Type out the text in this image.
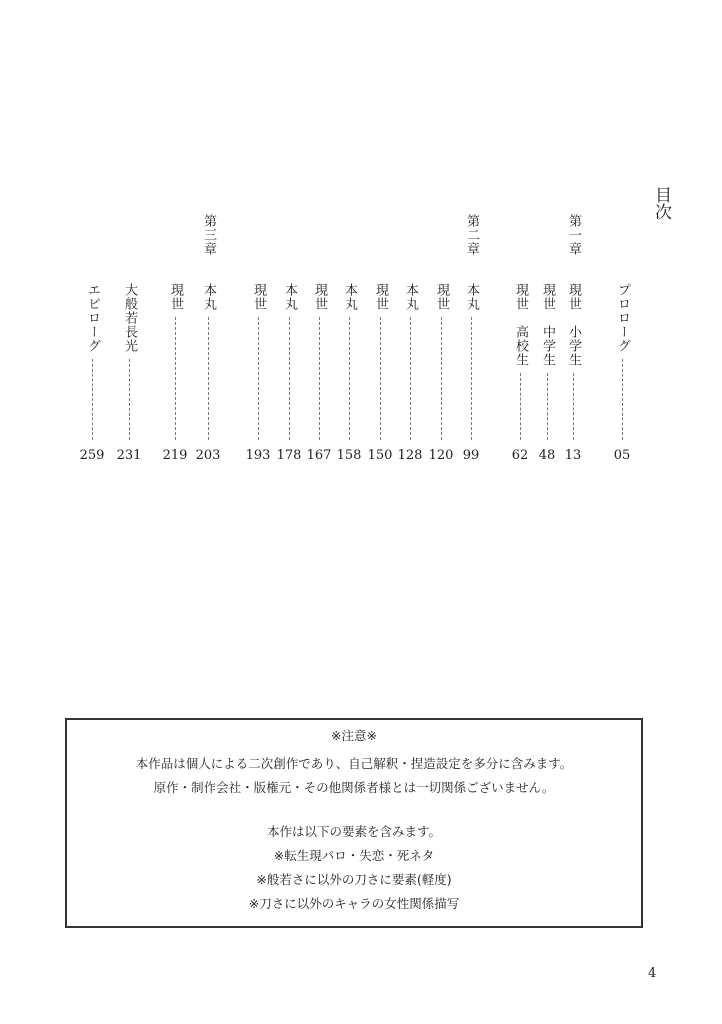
目次
第一章
第二章
第三章
プロローグ
05
現世　小学生
13
現世　中学生
48
現世　高校生
62
本丸
99
現世
120
本丸
128
現世
150
本丸
158
現世
167
本丸
178
現世
193
本丸
203
現世
219
大般若長光
231
エピローグ
259

※注意※

本作品は個人による二次創作であり、自己解釈・捏造設定を多分に含みます。

原作・制作会社・版権元・その他関係者様とは一切関係ございません。

本作は以下の要素を含みます。

※転生現パロ・失恋・死ネタ

※般若さに以外の刀さに要素(軽度)

※刀さに以外のキャラの女性関係描写

4
